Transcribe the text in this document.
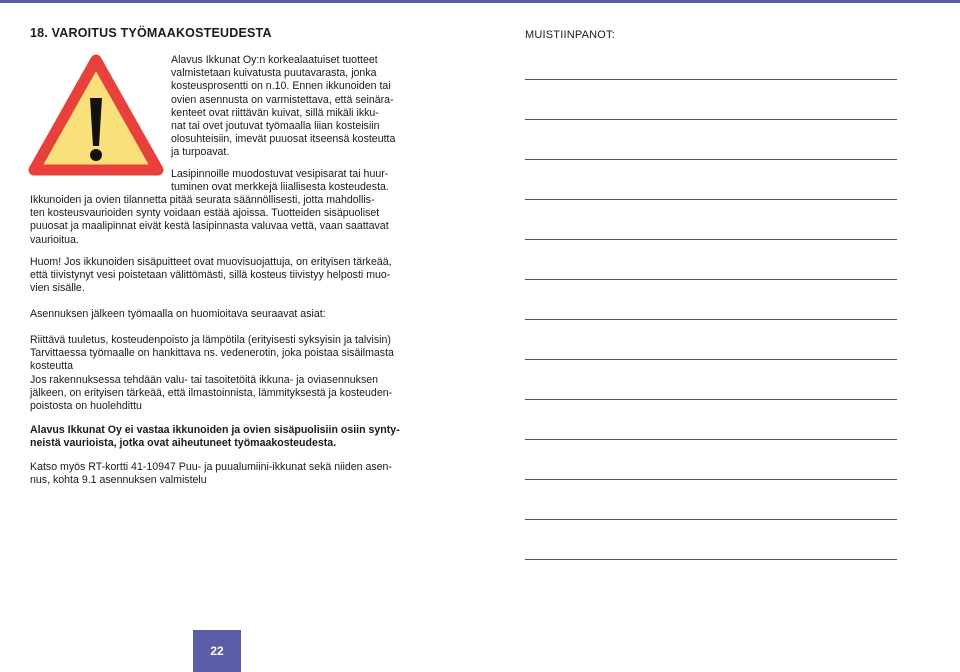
18. VAROITUS TYÖMAAKOSTEUDESTA

Alavus Ikkunat Oy:n korkealaatuiset tuotteet
valmistetaan kuivatusta puutavarasta, jonka
kosteusprosentti on n.10. Ennen ikkunoiden tai
ovien asennusta on varmistettava, että seinära-
kenteet ovat riittävän kuivat, sillä mikäli ikku-
nat tai ovet joutuvat työmaalla liian kosteisiin
olosuhteisiin, imevät puuosat itseensä kosteutta
ja turpoavat.

Lasipinnoille muodostuvat vesipisarat tai huur-
tuminen ovat merkkejä liiallisesta kosteudesta.

Ikkunoiden ja ovien tilannetta pitää seurata säännöllisesti, jotta mahdollis-
ten kosteusvaurioiden synty voidaan estää ajoissa. Tuotteiden sisäpuoliset
puuosat ja maalipinnat eivät kestä lasipinnasta valuvaa vettä, vaan saattavat
vaurioitua.

Huom! Jos ikkunoiden sisäpuitteet ovat muovisuojattuja, on erityisen tärkeää,
että tiivistynyt vesi poistetaan välittömästi, sillä kosteus tiivistyy helposti muo-
vien sisälle.

Asennuksen jälkeen työmaalla on huomioitava seuraavat asiat:

Riittävä tuuletus, kosteudenpoisto ja lämpötila (erityisesti syksyisin ja talvisin)
Tarvittaessa työmaalle on hankittava ns. vedenerotin, joka poistaa sisäilmasta
kosteutta
Jos rakennuksessa tehdään valu- tai tasoitetöitä ikkuna- ja oviasennuksen
jälkeen, on erityisen tärkeää, että ilmastoinnista, lämmityksestä ja kosteuden-
poistosta on huolehdittu

Alavus Ikkunat Oy ei vastaa ikkunoiden ja ovien sisäpuolisiin osiin synty-
neistä vaurioista, jotka ovat aiheutuneet työmaakosteudesta.

Katso myös RT-kortti 41-10947 Puu- ja puualumiini-ikkunat sekä niiden asen-
nus, kohta 9.1 asennuksen valmistelu

MUISTIINPANOT:
22
